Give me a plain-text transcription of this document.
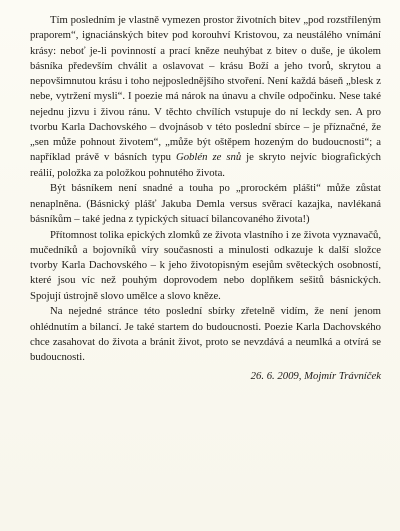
Tím posledním je vlastně vymezen prostor životních bitev „pod rozstříleným praporem“, ignaciánských bitev pod korouhví Kristovou, za neustálého vnímání krásy: neboť je-li povinností a prací kněze neuhýbat z bitev o duše, je úkolem básníka především chválit a oslavovat – krásu Boží a jeho tvorů, skrytou a nepovšimnutou krásu i toho nejposlednějšího stvoření. Není každá báseň „blesk z nebe, vytržení mysli“. I poezie má nárok na únavu a chvíle odpočinku. Nese také nejednu jizvu i živou ránu. V těchto chvílích vstupuje do ní leckdy sen. A pro tvorbu Karla Dachovského – dvojnásob v této poslední sbírce – je příznačné, že „sen může pohnout životem“, „může být oštěpem hozeným do budoucnosti“; a například právě v básních typu Goblén ze snů je skryto nejvíc biografických reálií, položka za položkou pohnutého života.

Být básníkem není snadné a touha po „prorockém plášti“ může zůstat nenaplněna. (Básnický plášť Jakuba Demla versus svěrací kazajka, navlékaná básníkům – také jedna z typických situací bilancovaného života!)

Přítomnost tolika epických zlomků ze života vlastního i ze života vyznavačů, mučedníků a bojovníků víry současnosti a minulosti odkazuje k další složce tvorby Karla Dachovského – k jeho životopisným esejům světeckých osobností, které jsou víc než pouhým doprovodem nebo doplňkem sešitů básnických. Spojují ústrojně slovo umělce a slovo kněze.

Na nejedné stránce této poslední sbírky zřetelně vidím, že není jenom ohlédnutím a bilancí. Je také startem do budoucnosti. Poezie Karla Dachovského chce zasahovat do života a bránit život, proto se nevzdává a neumlká a otvírá se budoucnosti.

26. 6. 2009, Mojmír Trávníček
